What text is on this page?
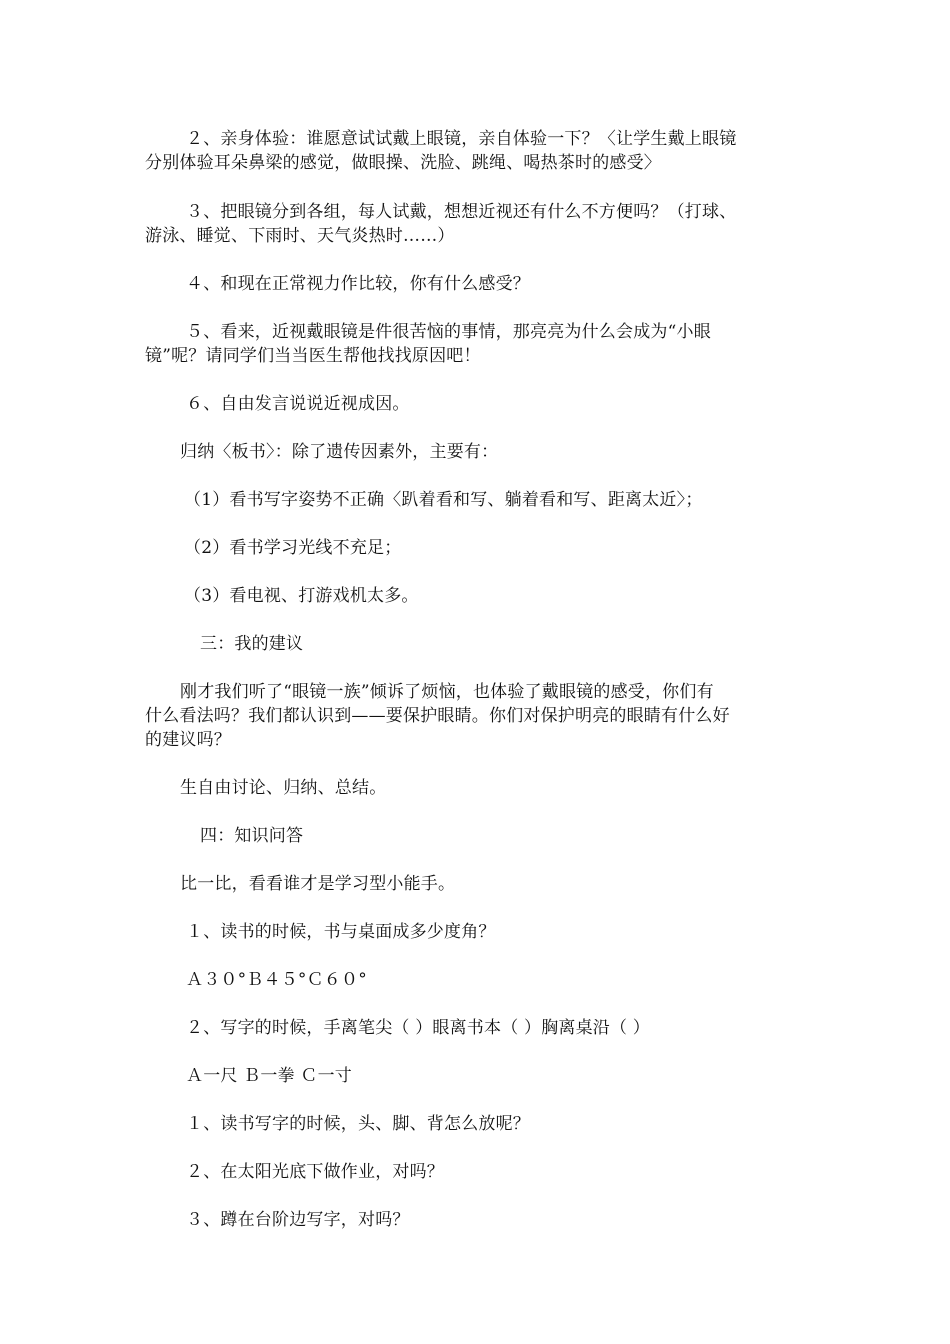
２、亲身体验：谁愿意试试戴上眼镜，亲自体验一下？〈让学生戴上眼镜
分别体验耳朵鼻梁的感觉，做眼操、洗脸、跳绳、喝热茶时的感受〉
３、把眼镜分到各组，每人试戴，想想近视还有什么不方便吗？（打球、
游泳、睡觉、下雨时、天气炎热时……）
４、和现在正常视力作比较，你有什么感受？
５、看来，近视戴眼镜是件很苦恼的事情，那亮亮为什么会成为“小眼
镜”呢？请同学们当当医生帮他找找原因吧！
６、自由发言说说近视成因。
归纳〈板书〉：除了遗传因素外，主要有：
（1）看书写字姿势不正确〈趴着看和写、躺着看和写、距离太近〉；
（2）看书学习光线不充足；
（3）看电视、打游戏机太多。
三：我的建议
刚才我们听了“眼镜一族”倾诉了烦恼，也体验了戴眼镜的感受，你们有
什么看法吗？我们都认识到——要保护眼睛。你们对保护明亮的眼睛有什么好
的建议吗？
生自由讨论、归纳、总结。
四：知识问答
比一比，看看谁才是学习型小能手。
１、读书的时候，书与桌面成多少度角？
Ａ３０°Ｂ４５°Ｃ６０°
２、写字的时候，手离笔尖（ ）眼离书本（ ）胸离桌沿（ ）
Ａ一尺 Ｂ一拳 Ｃ一寸
１、读书写字的时候，头、脚、背怎么放呢？
２、在太阳光底下做作业，对吗？
３、蹲在台阶边写字，对吗？
